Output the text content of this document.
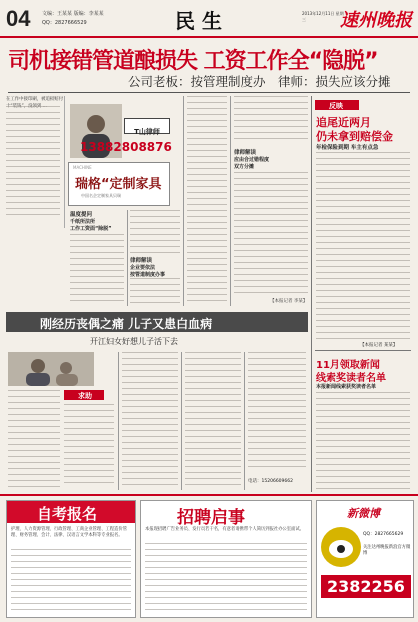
04 文编：王某某 版编：李某某
QQ：2827666529	民 生	2013年12月11日 星期三	速州晚报
司机接错管道酿损失 工资工作全“隐脱”
公司老板：按管理制度办 律师：损失应该分摊
在工作中接印刷，被追损赔付
T山律师
13882808876
MACHINE
瑞格“定制家具
中国名企定制家具贝瑞
温度提问
千纸所法所
工作工资面“除脱”
律师解读
企业要依法
按管道制度办事
律师解读
应由合过错程度
双方分摊
【本报记者 李某】
反映
追尾近两月
仍未拿到赔偿金
年检保险到期 车主有点急
【本报记者 某某】
11月领取新闻
线索奖读者名单
本报新闻线索获奖读者名单
刚经历丧偶之痛 儿子又患白血病
开江妇女好想儿子活下去
求助
电话：15206609662
自考报名
护理、人力资源管理、行政管理、工商企业管理、工程造价管理、财务管理、会计、法律、汉语言文学本科等专业报名。
招聘启事
本报现招聘广告业务员、发行员若干名，有意者请携带个人简历到报社办公室面试。
新微博
QQ：2827665629
关注达州晚报新浪官方微博
2382256
